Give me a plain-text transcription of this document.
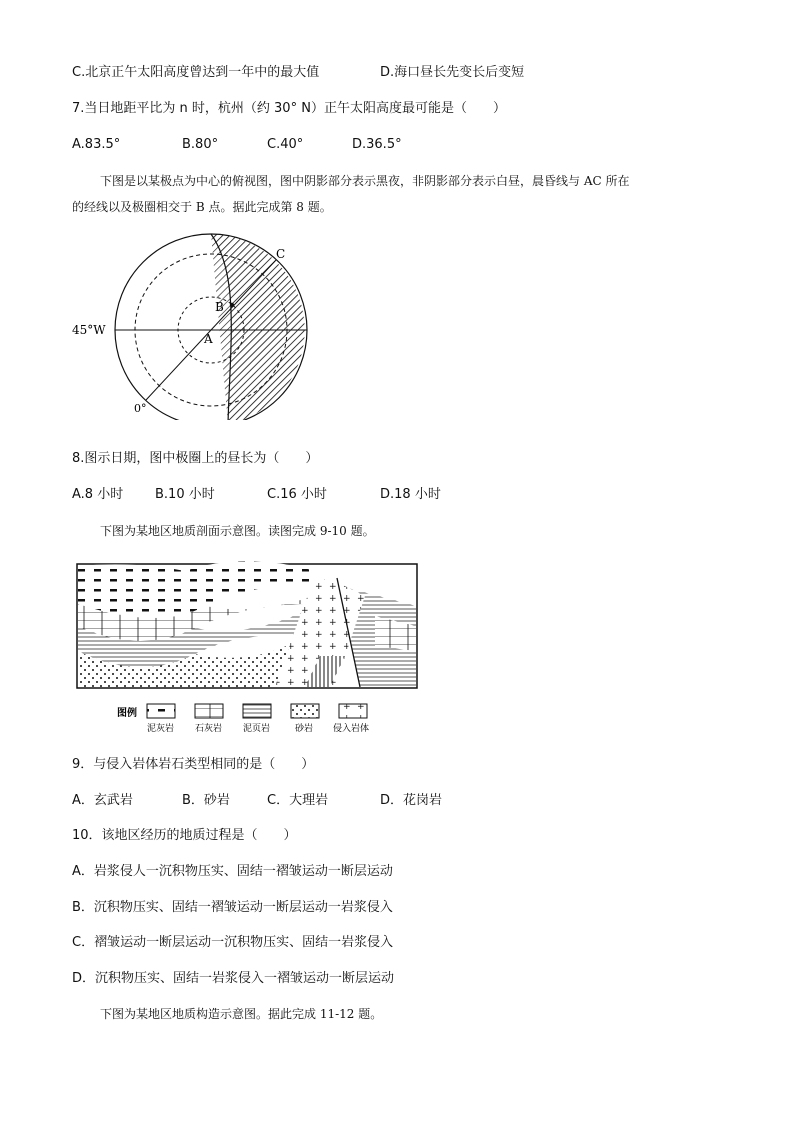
C.北京正午太阳高度曾达到一年中的最大值	D.海口昼长先变长后变短
7.当日地距平比为 n 时，杭州（约 30° N）正午太阳高度最可能是（　　）
A.83.5°	B.80°	C.40°	D.36.5°
下图是以某极点为中心的俯视图，图中阴影部分表示黑夜，非阴影部分表示白昼，晨昏线与 AC 所在
的经线以及极圈相交于 B 点。据此完成第 8 题。
45°W
0°
A
B
C
8.图示日期，图中极圈上的昼长为（　　）
A.8 小时 B.10 小时	C.16 小时	D.18 小时
下图为某地区地质剖面示意图。读图完成 9-10 题。
图例
泥灰岩 石灰岩 泥页岩	砂岩 侵入岩体
9．与侵入岩体岩石类型相同的是（　　）
A．玄武岩	B．砂岩	C．大理岩	D．花岗岩
10．该地区经历的地质过程是（　　）
A．岩浆侵人一沉积物压实、固结一褶皱运动一断层运动
B．沉积物压实、固结一褶皱运动一断层运动一岩浆侵入
C．褶皱运动一断层运动一沉积物压实、固结一岩浆侵入
D．沉积物压实、固结一岩浆侵入一褶皱运动一断层运动
下图为某地区地质构造示意图。据此完成 11-12 题。
